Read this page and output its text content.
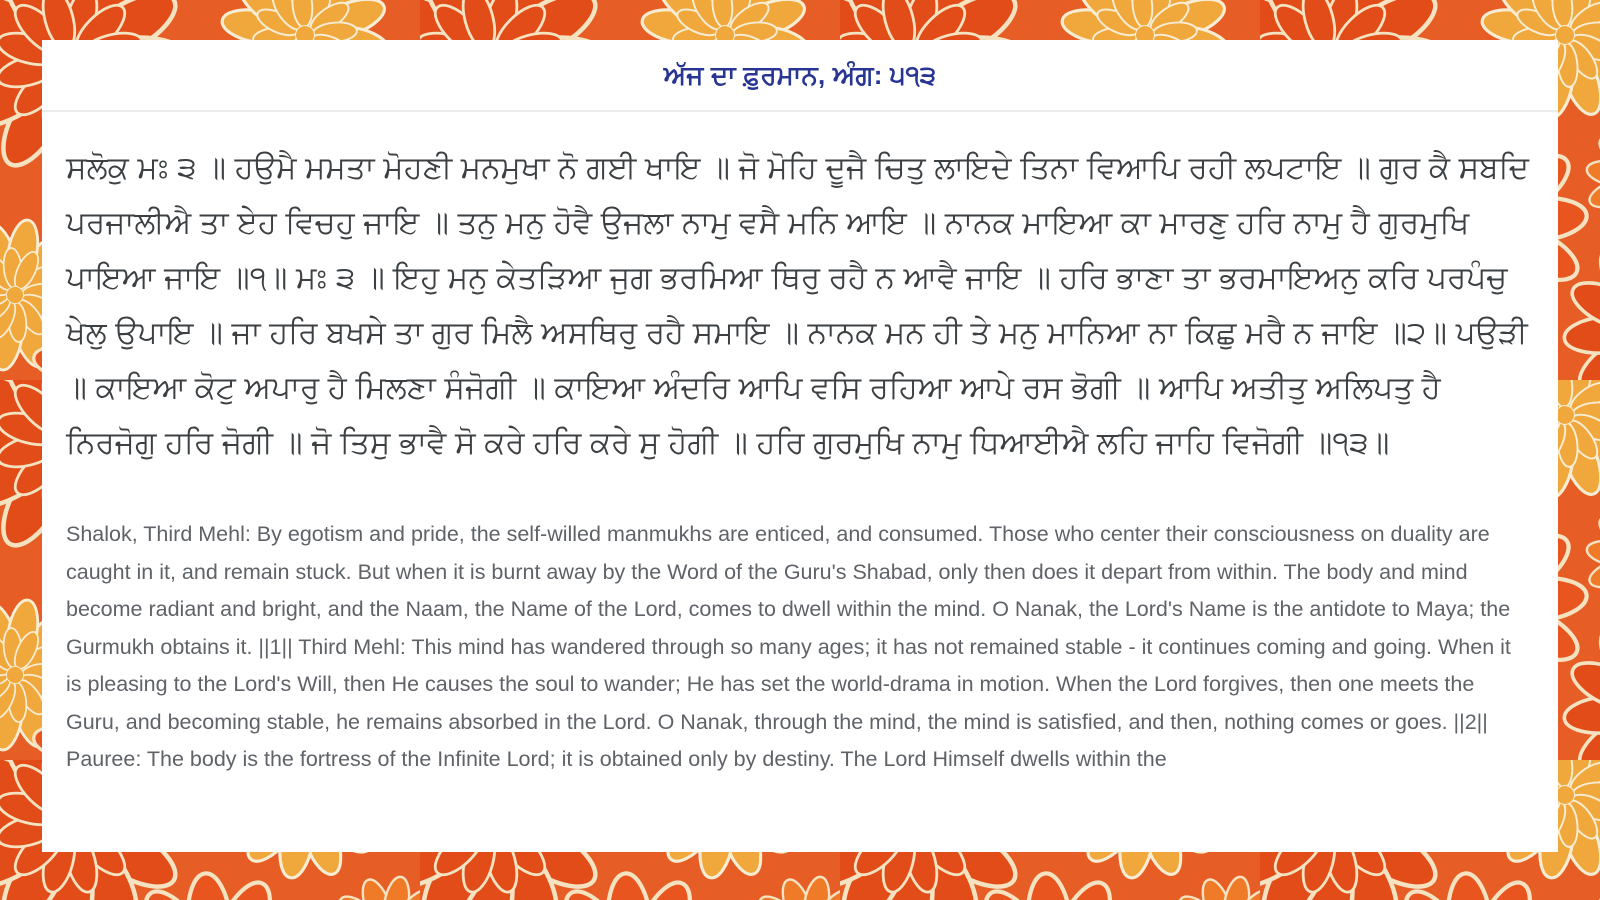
ਅੱਜ ਦਾ ਫ਼ੁਰਮਾਨ, ਅੰਗ: ੫੧੩
ਸਲੋਕੁ ਮਃ ੩ ॥ ਹਉਮੈ ਮਮਤਾ ਮੋਹਣੀ ਮਨਮੁਖਾ ਨੋ ਗਈ ਖਾਇ ॥ ਜੋ ਮੋਹਿ ਦੂਜੈ ਚਿਤੁ ਲਾਇਦੇ ਤਿਨਾ ਵਿਆਪਿ ਰਹੀ ਲਪਟਾਇ ॥ ਗੁਰ ਕੈ ਸਬਦਿ ਪਰਜਾਲੀਐ ਤਾ ਏਹ ਵਿਚਹੁ ਜਾਇ ॥ ਤਨੁ ਮਨੁ ਹੋਵੈ ਉਜਲਾ ਨਾਮੁ ਵਸੈ ਮਨਿ ਆਇ ॥ ਨਾਨਕ ਮਾਇਆ ਕਾ ਮਾਰਣੁ ਹਰਿ ਨਾਮੁ ਹੈ ਗੁਰਮੁਖਿ ਪਾਇਆ ਜਾਇ ॥੧॥ ਮਃ ੩ ॥ ਇਹੁ ਮਨੁ ਕੇਤੜਿਆ ਜੁਗ ਭਰਮਿਆ ਥਿਰੁ ਰਹੈ ਨ ਆਵੈ ਜਾਇ ॥ ਹਰਿ ਭਾਣਾ ਤਾ ਭਰਮਾਇਅਨੁ ਕਰਿ ਪਰਪੰਚੁ ਖੇਲੁ ਉਪਾਇ ॥ ਜਾ ਹਰਿ ਬਖਸੇ ਤਾ ਗੁਰ ਮਿਲੈ ਅਸਥਿਰੁ ਰਹੈ ਸਮਾਇ ॥ ਨਾਨਕ ਮਨ ਹੀ ਤੇ ਮਨੁ ਮਾਨਿਆ ਨਾ ਕਿਛੁ ਮਰੈ ਨ ਜਾਇ ॥੨॥ ਪਉੜੀ ॥ ਕਾਇਆ ਕੋਟੁ ਅਪਾਰੁ ਹੈ ਮਿਲਣਾ ਸੰਜੋਗੀ ॥ ਕਾਇਆ ਅੰਦਰਿ ਆਪਿ ਵਸਿ ਰਹਿਆ ਆਪੇ ਰਸ ਭੋਗੀ ॥ ਆਪਿ ਅਤੀਤੁ ਅਲਿਪਤੁ ਹੈ ਨਿਰਜੋਗੁ ਹਰਿ ਜੋਗੀ ॥ ਜੋ ਤਿਸੁ ਭਾਵੈ ਸੋ ਕਰੇ ਹਰਿ ਕਰੇ ਸੁ ਹੋਗੀ ॥ ਹਰਿ ਗੁਰਮੁਖਿ ਨਾਮੁ ਧਿਆਈਐ ਲਹਿ ਜਾਹਿ ਵਿਜੋਗੀ ॥੧੩॥
Shalok, Third Mehl: By egotism and pride, the self-willed manmukhs are enticed, and consumed. Those who center their consciousness on duality are caught in it, and remain stuck. But when it is burnt away by the Word of the Guru's Shabad, only then does it depart from within. The body and mind become radiant and bright, and the Naam, the Name of the Lord, comes to dwell within the mind. O Nanak, the Lord's Name is the antidote to Maya; the Gurmukh obtains it. ||1|| Third Mehl: This mind has wandered through so many ages; it has not remained stable - it continues coming and going. When it is pleasing to the Lord's Will, then He causes the soul to wander; He has set the world-drama in motion. When the Lord forgives, then one meets the Guru, and becoming stable, he remains absorbed in the Lord. O Nanak, through the mind, the mind is satisfied, and then, nothing comes or goes. ||2|| Pauree: The body is the fortress of the Infinite Lord; it is obtained only by destiny. The Lord Himself dwells within the
